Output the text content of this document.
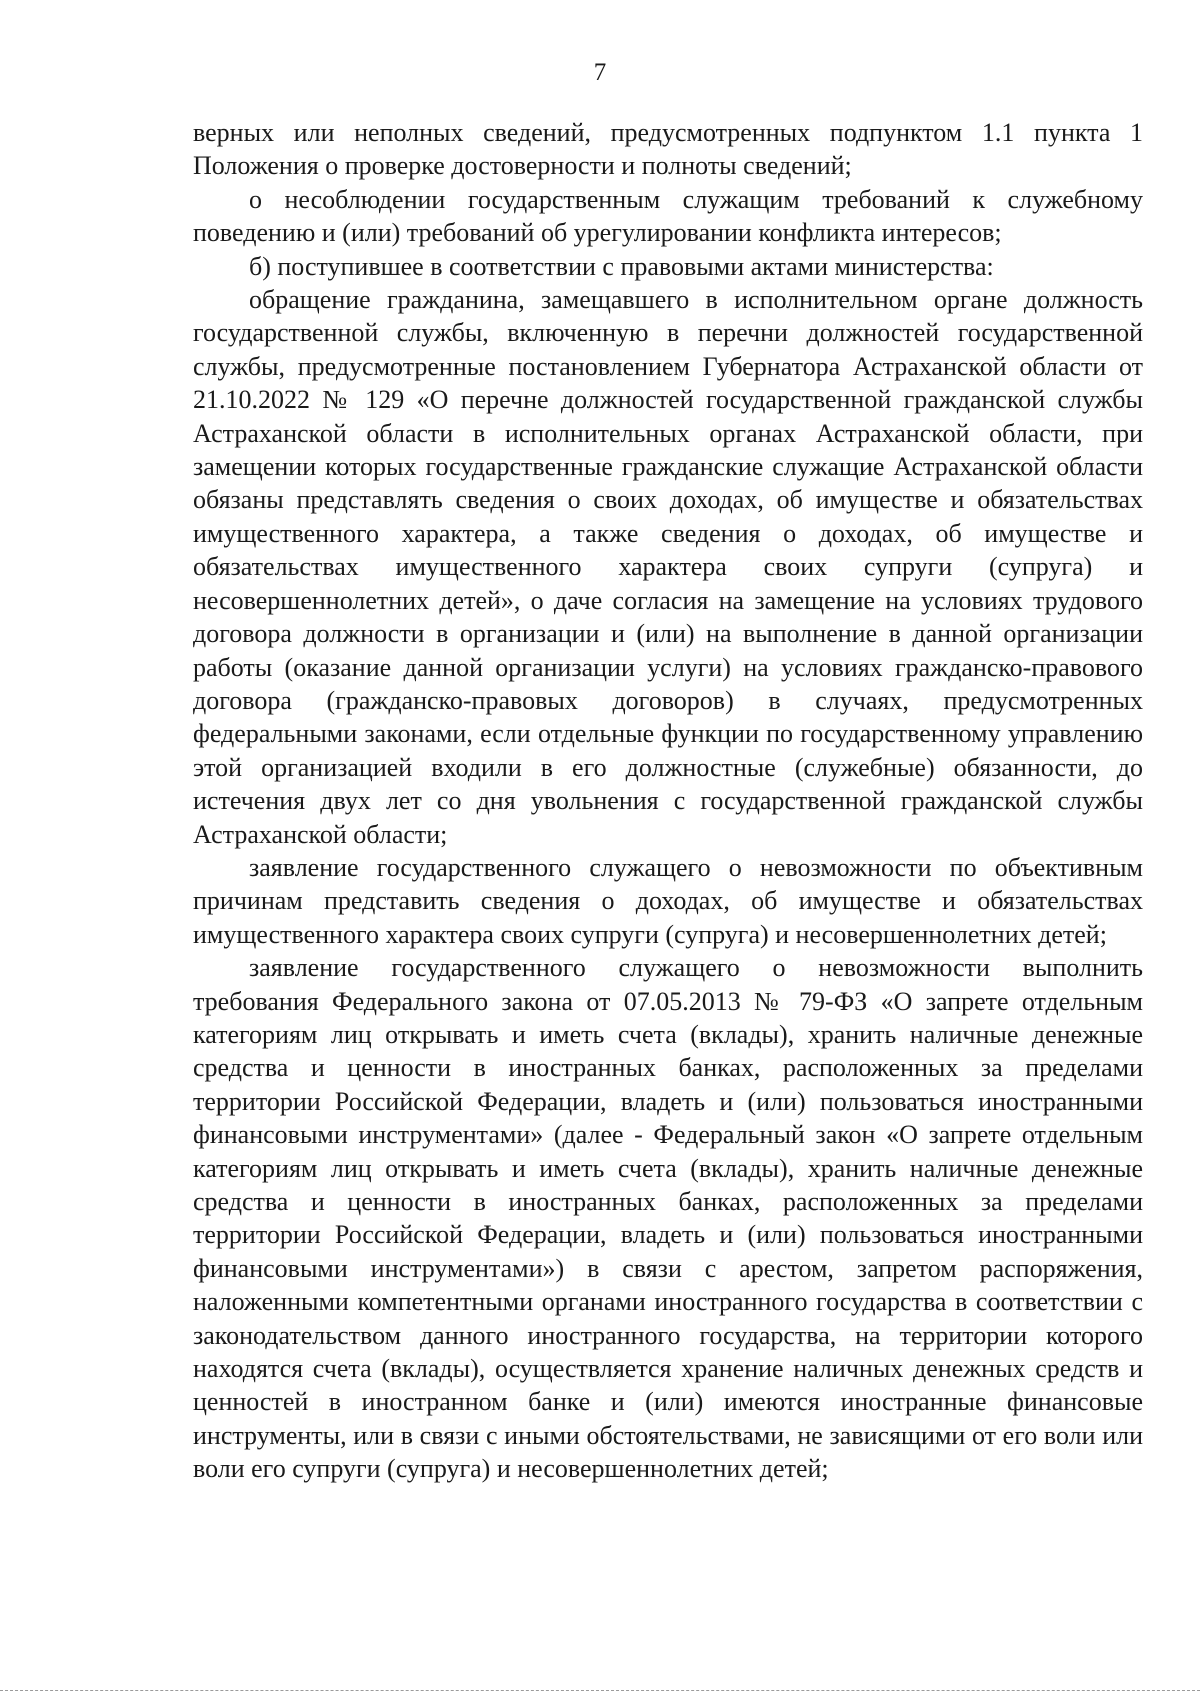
7

верных или неполных сведений, предусмотренных подпунктом 1.1 пункта 1 Положения о проверке достоверности и полноты сведений;

о несоблюдении государственным служащим требований к служебному поведению и (или) требований об урегулировании конфликта интересов;

б) поступившее в соответствии с правовыми актами министерства:

обращение гражданина, замещавшего в исполнительном органе должность государственной службы, включенную в перечни должностей государственной службы, предусмотренные постановлением Губернатора Астраханской области от 21.10.2022 № 129 «О перечне должностей государственной гражданской службы Астраханской области в исполнительных органах Астраханской области, при замещении которых государственные гражданские служащие Астраханской области обязаны представлять сведения о своих доходах, об имуществе и обязательствах имущественного характера, а также сведения о доходах, об имуществе и обязательствах имущественного характера своих супруги (супруга) и несовершеннолетних детей», о даче согласия на замещение на условиях трудового договора должности в организации и (или) на выполнение в данной организации работы (оказание данной организации услуги) на условиях гражданско-правового договора (гражданско-правовых договоров) в случаях, предусмотренных федеральными законами, если отдельные функции по государственному управлению этой организацией входили в его должностные (служебные) обязанности, до истечения двух лет со дня увольнения с государственной гражданской службы Астраханской области;

заявление государственного служащего о невозможности по объективным причинам представить сведения о доходах, об имуществе и обязательствах имущественного характера своих супруги (супруга) и несовершеннолетних детей;

заявление государственного служащего о невозможности выполнить требования Федерального закона от 07.05.2013 № 79-ФЗ «О запрете отдельным категориям лиц открывать и иметь счета (вклады), хранить наличные денежные средства и ценности в иностранных банках, расположенных за пределами территории Российской Федерации, владеть и (или) пользоваться иностранными финансовыми инструментами» (далее - Федеральный закон «О запрете отдельным категориям лиц открывать и иметь счета (вклады), хранить наличные денежные средства и ценности в иностранных банках, расположенных за пределами территории Российской Федерации, владеть и (или) пользоваться иностранными финансовыми инструментами») в связи с арестом, запретом распоряжения, наложенными компетентными органами иностранного государства в соответствии с законодательством данного иностранного государства, на территории которого находятся счета (вклады), осуществляется хранение наличных денежных средств и ценностей в иностранном банке и (или) имеются иностранные финансовые инструменты, или в связи с иными обстоятельствами, не зависящими от его воли или воли его супруги (супруга) и несовершеннолетних детей;
